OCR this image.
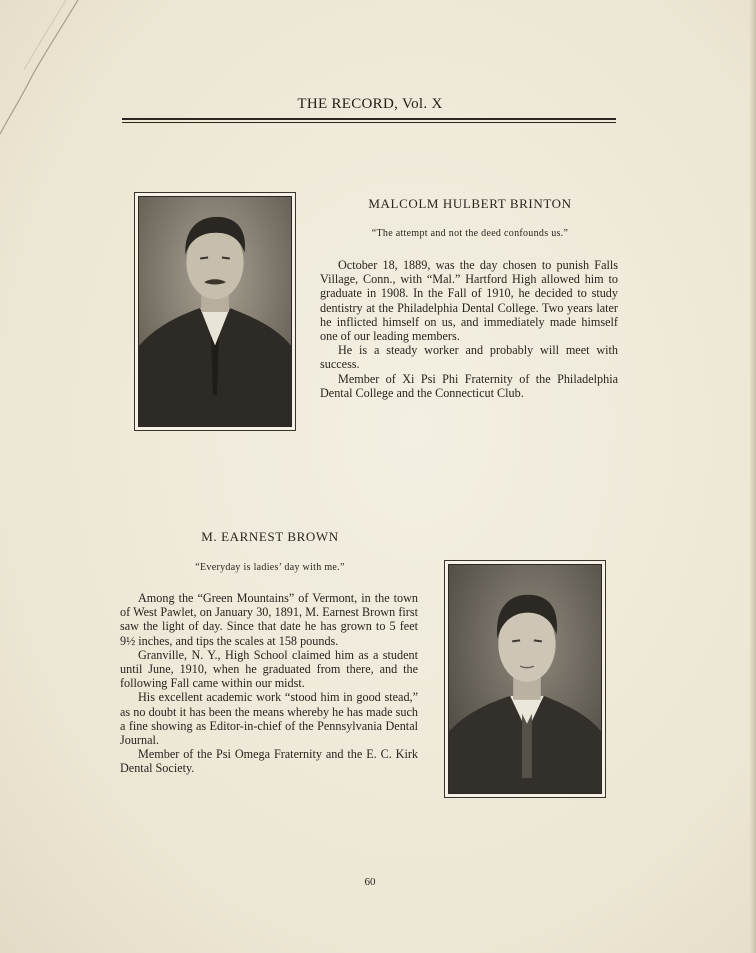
THE RECORD, Vol. X
MALCOLM HULBERT BRINTON
“The attempt and not the deed confounds us.”

October 18, 1889, was the day chosen to punish Falls Village, Conn., with “Mal.” Hartford High allowed him to graduate in 1908. In the Fall of 1910, he decided to study dentistry at the Philadelphia Dental College. Two years later he inflicted himself on us, and immediately made himself one of our leading members.

He is a steady worker and probably will meet with success.

Member of Xi Psi Phi Fraternity of the Philadelphia Dental College and the Connecticut Club.

M. EARNEST BROWN
“Everyday is ladies’ day with me.”

Among the “Green Mountains” of Vermont, in the town of West Pawlet, on January 30, 1891, M. Earnest Brown first saw the light of day. Since that date he has grown to 5 feet 9½ inches, and tips the scales at 158 pounds.

Granville, N. Y., High School claimed him as a student until June, 1910, when he graduated from there, and the following Fall came within our midst.

His excellent academic work “stood him in good stead,” as no doubt it has been the means whereby he has made such a fine showing as Editor-in-chief of the Pennsylvania Dental Journal.

Member of the Psi Omega Fraternity and the E. C. Kirk Dental Society.

60
